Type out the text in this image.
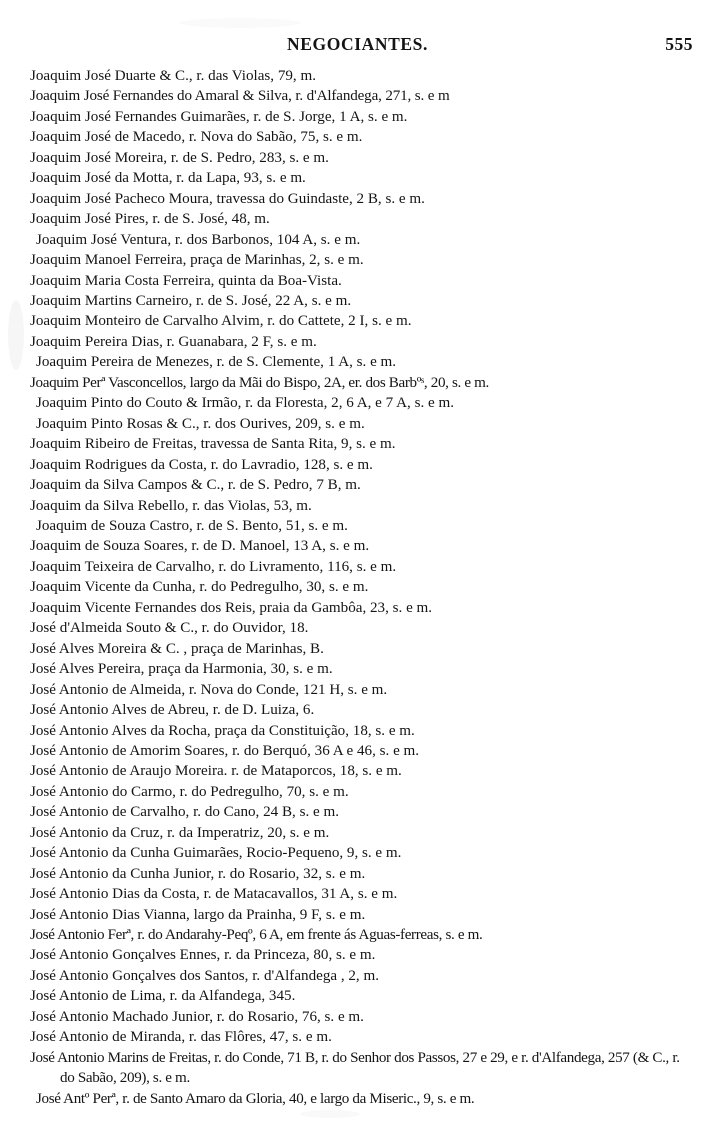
NEGOCIANTES.	555
Joaquim José Duarte & C., r. das Violas, 79, m.
Joaquim José Fernandes do Amaral & Silva, r. d'Alfandega, 271, s. e m
Joaquim José Fernandes Guimarães, r. de S. Jorge, 1 A, s. e m.
Joaquim José de Macedo, r. Nova do Sabão, 75, s. e m.
Joaquim José Moreira, r. de S. Pedro, 283, s. e m.
Joaquim José da Motta, r. da Lapa, 93, s. e m.
Joaquim José Pacheco Moura, travessa do Guindaste, 2 B, s. e m.
Joaquim José Pires, r. de S. José, 48, m.
Joaquim José Ventura, r. dos Barbonos, 104 A, s. e m.
Joaquim Manoel Ferreira, praça de Marinhas, 2, s. e m.
Joaquim Maria Costa Ferreira, quinta da Boa-Vista.
Joaquim Martins Carneiro, r. de S. José, 22 A, s. e m.
Joaquim Monteiro de Carvalho Alvim, r. do Cattete, 2 I, s. e m.
Joaquim Pereira Dias, r. Guanabara, 2 F, s. e m.
Joaquim Pereira de Menezes, r. de S. Clemente, 1 A, s. e m.
Joaquim Perª Vasconcellos, largo da Mãi do Bispo, 2A, er. dos Barbºˢ, 20, s. e m.
Joaquim Pinto do Couto & Irmão, r. da Floresta, 2, 6 A, e 7 A, s. e m.
Joaquim Pinto Rosas & C., r. dos Ourives, 209, s. e m.
Joaquim Ribeiro de Freitas, travessa de Santa Rita, 9, s. e m.
Joaquim Rodrigues da Costa, r. do Lavradio, 128, s. e m.
Joaquim da Silva Campos & C., r. de S. Pedro, 7 B, m.
Joaquim da Silva Rebello, r. das Violas, 53, m.
Joaquim de Souza Castro, r. de S. Bento, 51, s. e m.
Joaquim de Souza Soares, r. de D. Manoel, 13 A, s. e m.
Joaquim Teixeira de Carvalho, r. do Livramento, 116, s. e m.
Joaquim Vicente da Cunha, r. do Pedregulho, 30, s. e m.
Joaquim Vicente Fernandes dos Reis, praia da Gambôa, 23, s. e m.
José d'Almeida Souto & C., r. do Ouvidor, 18.
José Alves Moreira & C. , praça de Marinhas, B.
José Alves Pereira, praça da Harmonia, 30, s. e m.
José Antonio de Almeida, r. Nova do Conde, 121 H, s. e m.
José Antonio Alves de Abreu, r. de D. Luiza, 6.
José Antonio Alves da Rocha, praça da Constituição, 18, s. e m.
José Antonio de Amorim Soares, r. do Berquó, 36 A e 46, s. e m.
José Antonio de Araujo Moreira. r. de Mataporcos, 18, s. e m.
José Antonio do Carmo, r. do Pedregulho, 70, s. e m.
José Antonio de Carvalho, r. do Cano, 24 B, s. e m.
José Antonio da Cruz, r. da Imperatriz, 20, s. e m.
José Antonio da Cunha Guimarães, Rocio-Pequeno, 9, s. e m.
José Antonio da Cunha Junior, r. do Rosario, 32, s. e m.
José Antonio Dias da Costa, r. de Matacavallos, 31 A, s. e m.
José Antonio Dias Vianna, largo da Prainha, 9 F, s. e m.
José Antonio Ferª, r. do Andarahy-Peqº, 6 A, em frente ás Aguas-ferreas, s. e m.
José Antonio Gonçalves Ennes, r. da Princeza, 80, s. e m.
José Antonio Gonçalves dos Santos, r. d'Alfandega , 2, m.
José Antonio de Lima, r. da Alfandega, 345.
José Antonio Machado Junior, r. do Rosario, 76, s. e m.
José Antonio de Miranda, r. das Flôres, 47, s. e m.
José Antonio Marins de Freitas, r. do Conde, 71 B, r. do Senhor dos Passos, 27 e 29, e r. d'Alfandega, 257 (& C., r. do Sabão, 209), s. e m.
José Antº Perª, r. de Santo Amaro da Gloria, 40, e largo da Miseric., 9, s. e m.
